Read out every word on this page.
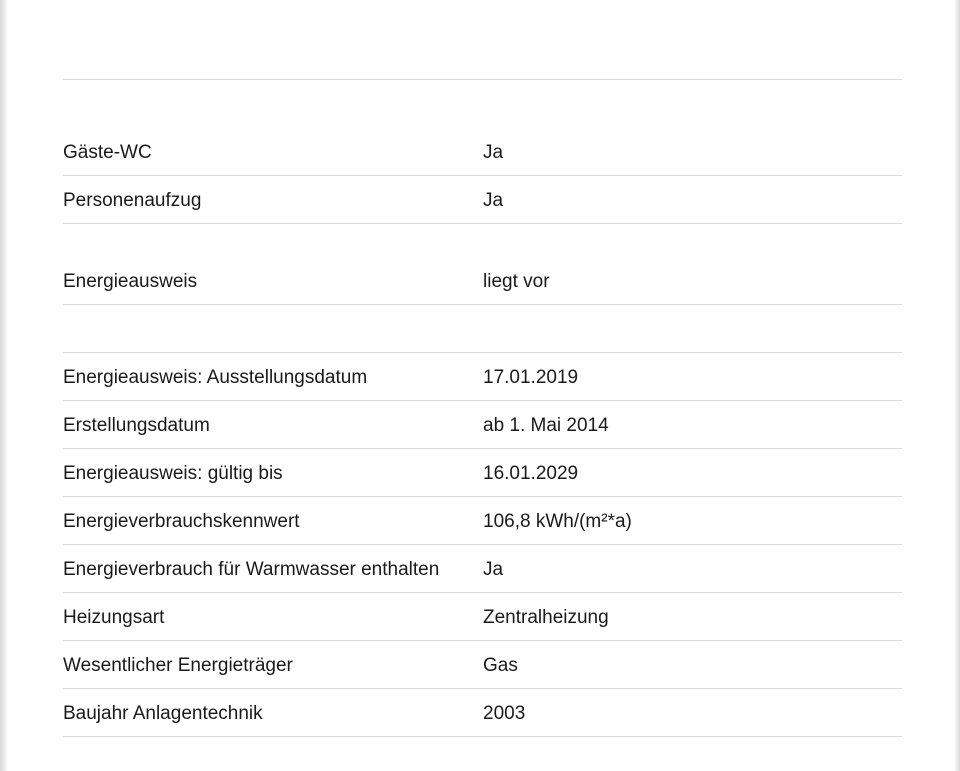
Gäste-WC	Ja
Personenaufzug	Ja
Energieausweis	liegt vor
Energieausweis: Ausstellungsdatum	17.01.2019
Erstellungsdatum	ab 1. Mai 2014
Energieausweis: gültig bis	16.01.2029
Energieverbrauchskennwert	106,8 kWh/(m²*a)
Energieverbrauch für Warmwasser enthalten	Ja
Heizungsart	Zentralheizung
Wesentlicher Energieträger	Gas
Baujahr Anlagentechnik	2003
